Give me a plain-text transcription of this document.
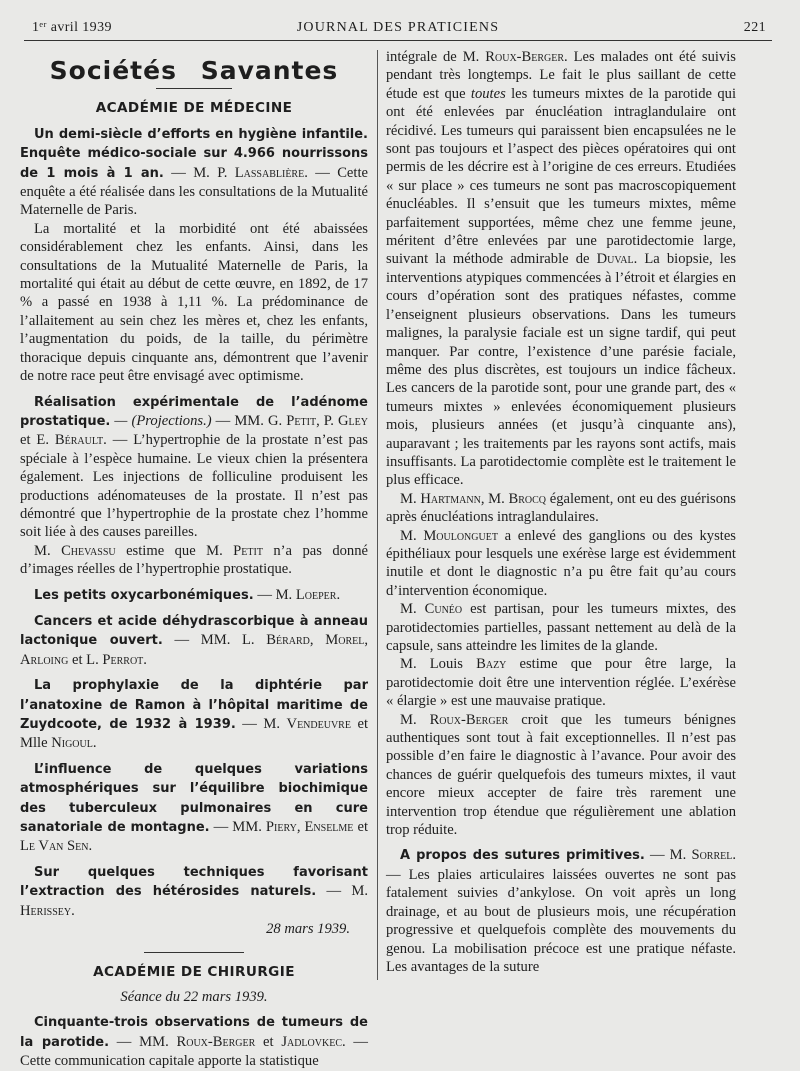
1ᵉʳ avril 1939	JOURNAL DES PRATICIENS	221
Sociétés Savantes
ACADÉMIE DE MÉDECINE

Un demi-siècle d’efforts en hygiène infantile. Enquête médico-sociale sur 4.966 nourrissons de 1 mois à 1 an. — M. P. Lassablière. — Cette enquête a été réalisée dans les consultations de la Mutualité Maternelle de Paris.

La mortalité et la morbidité ont été abaissées considérablement chez les enfants. Ainsi, dans les consultations de la Mutualité Maternelle de Paris, la mortalité qui était au début de cette œuvre, en 1892, de 17 % a passé en 1938 à 1,11 %. La prédominance de l’allaitement au sein chez les mères et, chez les enfants, l’augmentation du poids, de la taille, du périmètre thoracique depuis cinquante ans, démontrent que l’avenir de notre race peut être envisagé avec optimisme.

Réalisation expérimentale de l’adénome prostatique. — (Projections.) — MM. G. Petit, P. Gley et E. Bérault. — L’hypertrophie de la prostate n’est pas spéciale à l’espèce humaine. Le vieux chien la présentera également. Les injections de folliculine produisent les productions adénomateuses de la prostate. Il n’est pas démontré que l’hypertrophie de la prostate chez l’homme soit liée à des causes pareilles.

M. Chevassu estime que M. Petit n’a pas donné d’images réelles de l’hypertrophie prostatique.

Les petits oxycarbonémiques. — M. Loeper.

Cancers et acide déhydrascorbique à anneau lactonique ouvert. — MM. L. Bérard, Morel, Arloing et L. Perrot.

La prophylaxie de la diphtérie par l’anatoxine de Ramon à l’hôpital maritime de Zuydcoote, de 1932 à 1939. — M. Vendeuvre et Mlle Nigoul.

L’influence de quelques variations atmosphériques sur l’équilibre biochimique des tuberculeux pulmonaires en cure sanatoriale de montagne. — MM. Piery, Enselme et Le Van Sen.

Sur quelques techniques favorisant l’extraction des hétérosides naturels. — M. Herissey.

28 mars 1939.
ACADÉMIE DE CHIRURGIE
Séance du 22 mars 1939.

Cinquante-trois observations de tumeurs de la parotide. — MM. Roux-Berger et Jadlovkec. — Cette communication capitale apporte la statistique

intégrale de M. Roux-Berger. Les malades ont été suivis pendant très longtemps. Le fait le plus saillant de cette étude est que toutes les tumeurs mixtes de la parotide qui ont été enlevées par énucléation intraglandulaire ont récidivé. Les tumeurs qui paraissent bien encapsulées ne le sont pas toujours et l’aspect des pièces opératoires qui ont permis de les décrire est à l’origine de ces erreurs. Etudiées « sur place » ces tumeurs ne sont pas macroscopiquement énucléables. Il s’ensuit que les tumeurs mixtes, même parfaitement supportées, même chez une femme jeune, méritent d’être enlevées par une parotidectomie large, suivant la méthode admirable de Duval. La biopsie, les interventions atypiques commencées à l’étroit et élargies en cours d’opération sont des pratiques néfastes, comme l’enseignent plusieurs observations. Dans les tumeurs malignes, la paralysie faciale est un signe tardif, qui peut manquer. Par contre, l’existence d’une parésie faciale, même des plus discrètes, est toujours un indice fâcheux. Les cancers de la parotide sont, pour une grande part, des « tumeurs mixtes » enlevées économiquement plusieurs mois, plusieurs années (et jusqu’à cinquante ans), auparavant ; les traitements par les rayons sont actifs, mais insuffisants. La parotidectomie complète est le traitement le plus efficace.

M. Hartmann, M. Brocq également, ont eu des guérisons après énucléations intraglandulaires.

M. Moulonguet a enlevé des ganglions ou des kystes épithéliaux pour lesquels une exérèse large est évidemment inutile et dont le diagnostic n’a pu être fait qu’au cours d’intervention économique.

M. Cunéo est partisan, pour les tumeurs mixtes, des parotidectomies partielles, passant nettement au delà de la capsule, sans atteindre les limites de la glande.

M. Louis Bazy estime que pour être large, la parotidectomie doit être une intervention réglée. L’exérèse « élargie » est une mauvaise pratique.

M. Roux-Berger croit que les tumeurs bénignes authentiques sont tout à fait exceptionnelles. Il n’est pas possible d’en faire le diagnostic à l’avance. Pour avoir des chances de guérir quelquefois des tumeurs mixtes, il vaut encore mieux accepter de faire très rarement une intervention trop étendue que régulièrement une ablation trop réduite.

A propos des sutures primitives. — M. Sorrel. — Les plaies articulaires laissées ouvertes ne sont pas fatalement suivies d’ankylose. On voit après un long drainage, et au bout de plusieurs mois, une récupération progressive et quelquefois complète des mouvements du genou. La mobilisation précoce est une pratique néfaste. Les avantages de la suture
